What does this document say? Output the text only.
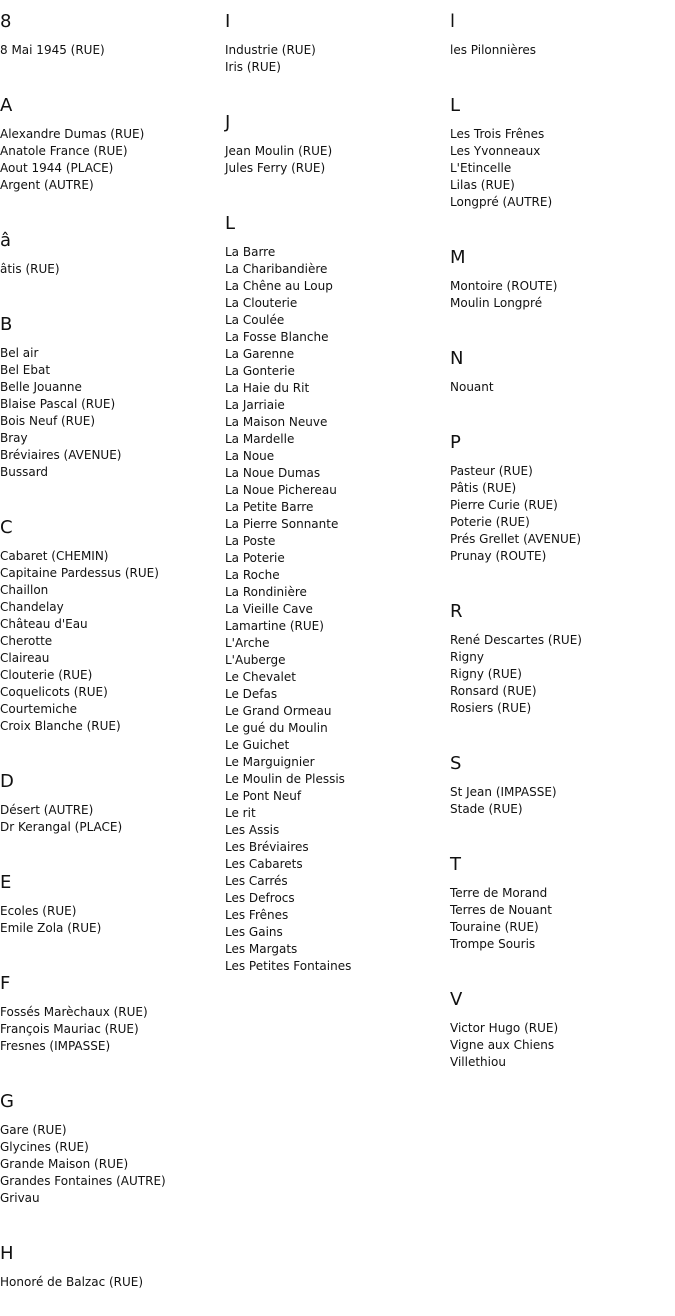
8
8 Mai 1945 (RUE)
A
Alexandre Dumas (RUE)
Anatole France (RUE)
Aout 1944 (PLACE)
Argent (AUTRE)
â
âtis (RUE)
B
Bel air
Bel Ebat
Belle Jouanne
Blaise Pascal (RUE)
Bois Neuf (RUE)
Bray
Bréviaires (AVENUE)
Bussard
C
Cabaret (CHEMIN)
Capitaine Pardessus (RUE)
Chaillon
Chandelay
Château d'Eau
Cherotte
Claireau
Clouterie (RUE)
Coquelicots (RUE)
Courtemiche
Croix Blanche (RUE)
D
Désert (AUTRE)
Dr Kerangal (PLACE)
E
Ecoles (RUE)
Emile Zola (RUE)
F
Fossés Marèchaux (RUE)
François Mauriac (RUE)
Fresnes (IMPASSE)
G
Gare (RUE)
Glycines (RUE)
Grande Maison (RUE)
Grandes Fontaines (AUTRE)
Grivau
H
Honoré de Balzac (RUE)
I
Industrie (RUE)
Iris (RUE)
J
Jean Moulin (RUE)
Jules Ferry (RUE)
L
La Barre
La Charibandière
La Chêne au Loup
La Clouterie
La Coulée
La Fosse Blanche
La Garenne
La Gonterie
La Haie du Rit
La Jarriaie
La Maison Neuve
La Mardelle
La Noue
La Noue Dumas
La Noue Pichereau
La Petite Barre
La Pierre Sonnante
La Poste
La Poterie
La Roche
La Rondinière
La Vieille Cave
Lamartine (RUE)
L'Arche
L'Auberge
Le Chevalet
Le Defas
Le Grand Ormeau
Le gué du Moulin
Le Guichet
Le Marguignier
Le Moulin de Plessis
Le Pont Neuf
Le rit
Les Assis
Les Bréviaires
Les Cabarets
Les Carrés
Les Defrocs
Les Frênes
Les Gains
Les Margats
Les Petites Fontaines
l
les Pilonnières
L
Les Trois Frênes
Les Yvonneaux
L'Etincelle
Lilas (RUE)
Longpré (AUTRE)
M
Montoire (ROUTE)
Moulin Longpré
N
Nouant
P
Pasteur (RUE)
Pâtis (RUE)
Pierre Curie (RUE)
Poterie (RUE)
Prés Grellet (AVENUE)
Prunay (ROUTE)
R
René Descartes (RUE)
Rigny
Rigny (RUE)
Ronsard (RUE)
Rosiers (RUE)
S
St Jean (IMPASSE)
Stade (RUE)
T
Terre de Morand
Terres de Nouant
Touraine (RUE)
Trompe Souris
V
Victor Hugo (RUE)
Vigne aux Chiens
Villethiou
